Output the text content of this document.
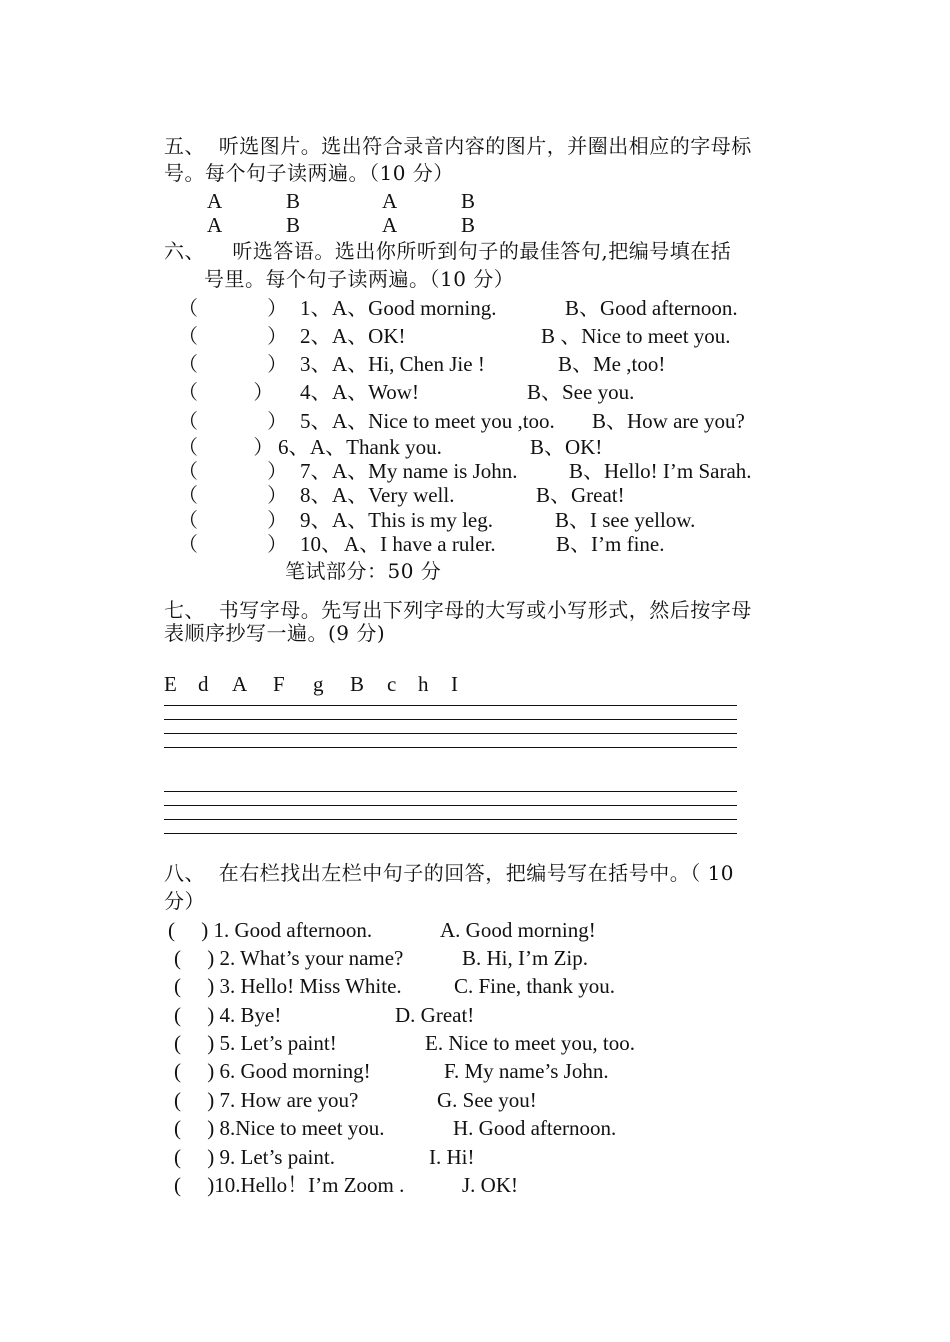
五、  听选图片。选出符合录音内容的图片，并圈出相应的字母标
号。每个句子读两遍。（10 分）
A	B	A	B
A	B	A	B
六、    听选答语。选出你所听到句子的最佳答句,把编号填在括
号里。每个句子读两遍。（10 分）
（          ） 1、 A、Good morning.	B、Good afternoon.
（          ） 2、 A、OK!	B 、Nice to meet you.
（          ） 3、 A、Hi, Chen Jie !	B、Me ,too!
（        ） 4、 A、Wow!	B、See you.
（          ） 5、 A、Nice to meet you ,too. B、How are you?
（        ） 6、 A、Thank you.	B、OK!
（          ） 7、 A、My name is John. B、Hello! I’m Sarah.
（          ） 8、 A、Very well.	B、Great!
（          ） 9、 A、This is my leg.	B、I see yellow.
（          ） 10、 A、I have a ruler.	B、I’m fine.
笔试部分：50 分
七、  书写字母。先写出下列字母的大写或小写形式，然后按字母
表顺序抄写一遍。(9 分)
E d A F g B c h I
八、  在右栏找出左栏中句子的回答，把编号写在括号中。（ 10
分）
(     ) 1. Good afternoon.	A. Good morning!
(     ) 2. What’s your name?	B. Hi, I’m Zip.
(     ) 3. Hello! Miss White. C. Fine, thank you.
(     ) 4. Bye!	D. Great!
(     ) 5. Let’s paint!	E. Nice to meet you, too.
(     ) 6. Good morning!	F. My name’s John.
(     ) 7. How are you?	G. See you!
(     ) 8.Nice to meet you.	H. Good afternoon.
(     ) 9. Let’s paint.	I. Hi!
(     )10.Hello！I’m Zoom .	J. OK!
